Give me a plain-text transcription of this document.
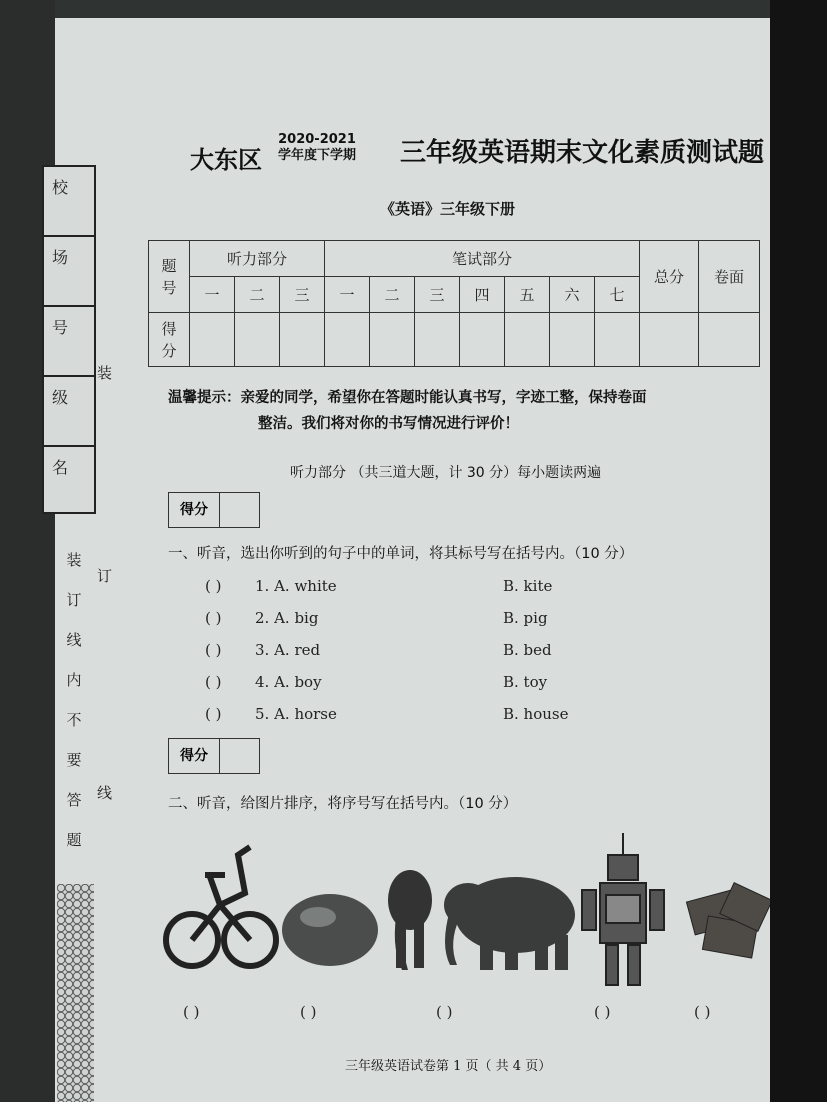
校
场
号
级
名
装
订
线
装
订
线
内
不
要
答
题
大东区
2020-2021
学年度下学期 三年级英语期末文化素质测试题
《英语》三年级下册
题
号	听力部分			笔试部分							总分	卷面
	一	二	三	一	二	三	四	五	六	七		

得
分												

温馨提示：亲爱的同学，希望你在答题时能认真书写，字迹工整，保持卷面
整洁。我们将对你的书写情况进行评价！
听力部分 （共三道大题，计 30 分）每小题读两遍
得分
一、听音，选出你听到的句子中的单词，将其标号写在括号内。（10 分）
( ) 1. A. white	B. kite
( ) 2. A. big	B. pig
( ) 3. A. red	B. bed
( ) 4. A. boy	B. toy
( ) 5. A. horse	B. house
得分
二、听音，给图片排序，将序号写在括号内。（10 分）
( )	( )	( )	( )	( )
三年级英语试卷第 1 页（ 共 4 页）
